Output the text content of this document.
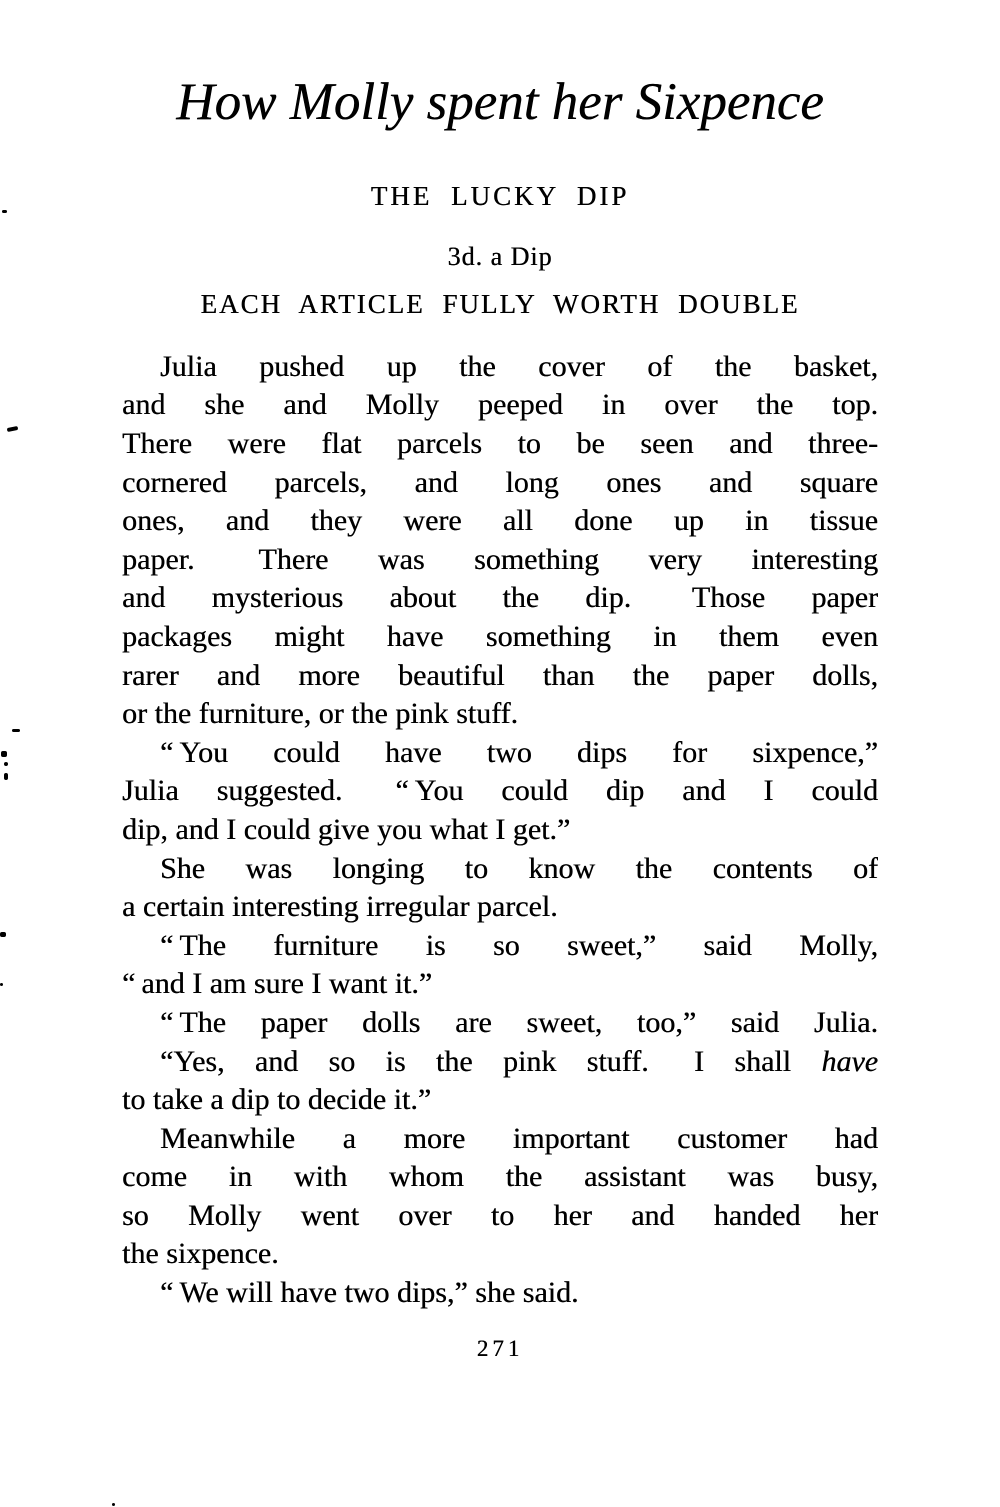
How Molly spent her Sixpence
THE LUCKY DIP
3d. a Dip
EACH ARTICLE FULLY WORTH DOUBLE
Julia pushed up the cover of the basket,
and she and Molly peeped in over the top.
There were flat parcels to be seen and three-
cornered parcels, and long ones and square
ones, and they were all done up in tissue
paper.  There was something very interesting
and mysterious about the dip.  Those paper
packages might have something in them even
rarer and more beautiful than the paper dolls,
or the furniture, or the pink stuff.
“ You could have two dips for sixpence,”
Julia suggested.  “ You could dip and I could
dip, and I could give you what I get.”
She was longing to know the contents of
a certain interesting irregular parcel.
“ The furniture is so sweet,” said Molly,
“ and I am sure I want it.”
“ The paper dolls are sweet, too,” said Julia.
“Yes, and so is the pink stuff.  I shall have
to take a dip to decide it.”
Meanwhile a more important customer had
come in with whom the assistant was busy,
so Molly went over to her and handed her
the sixpence.
“ We will have two dips,” she said.
271
